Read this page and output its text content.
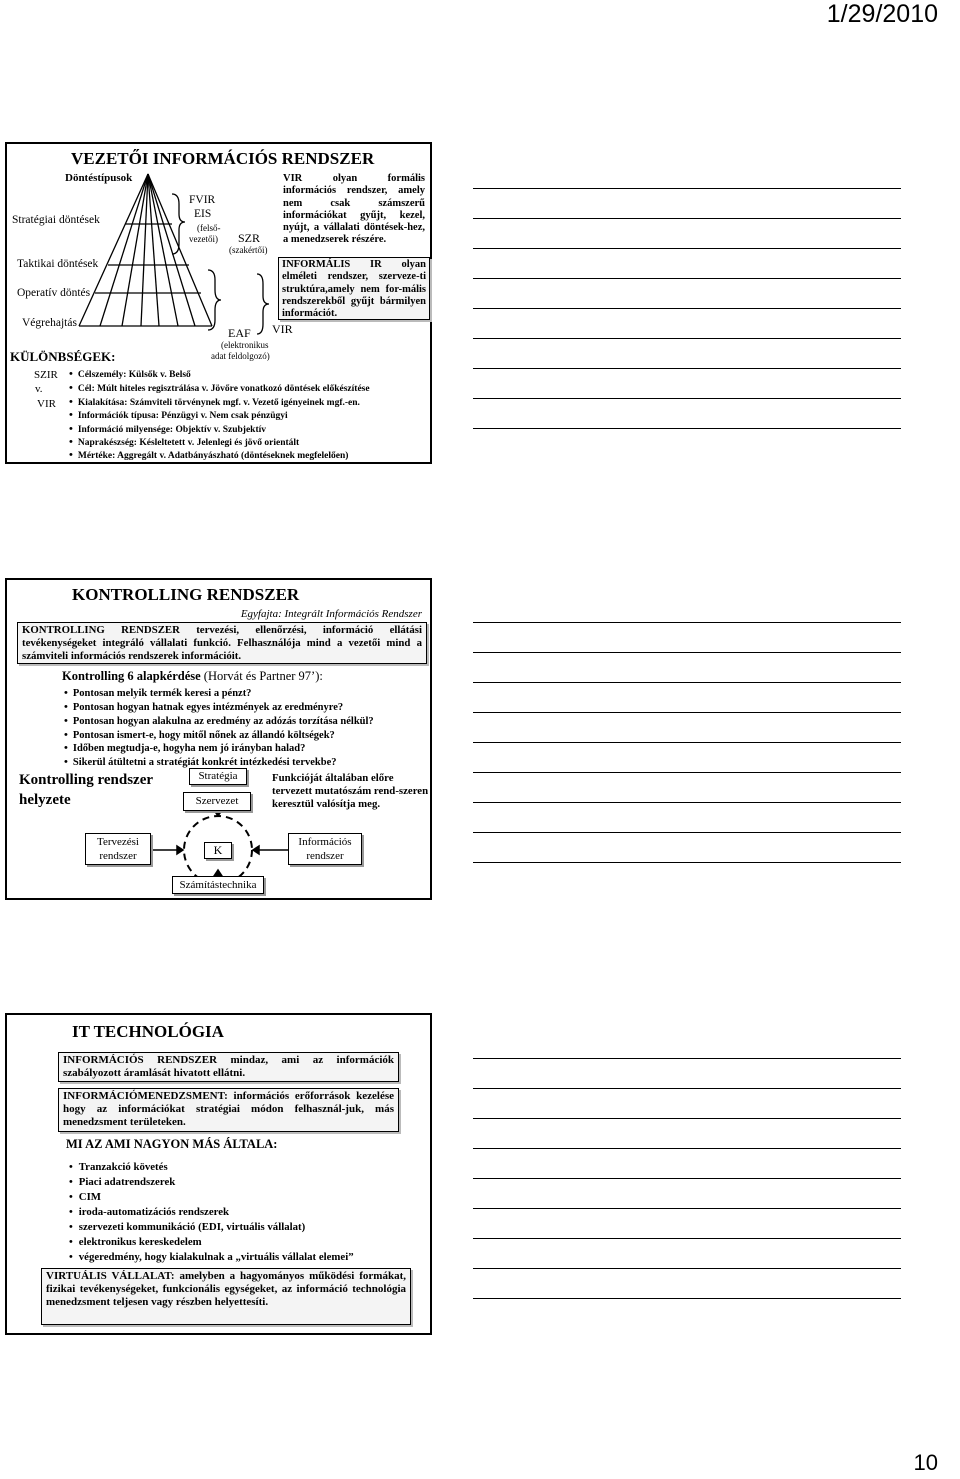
1/29/2010
10
VEZETŐI INFORMÁCIÓS RENDSZER
Döntéstípusok
Stratégiai döntések
Taktikai döntések
Operatív döntés
Végrehajtás
FVIR
EIS
(felső-
vezetői) SZR
(szakértői)
EAF
(elektronikus
adat feldolgozó)
VIR
VIR olyan formális információs rendszer, amely nem csak számszerű információkat gyűjt, kezel, nyújt, a vállalati döntések-hez, a menedzserek részére.
INFORMÁLIS IR olyan elméleti rendszer, szerveze-ti struktúra,amely nem for-mális rendszerekből gyűjt bármilyen információt.
KÜLÖNBSÉGEK:
SZIR
v.
VIR
• Célszemély: Külsők v. Belső
• Cél: Múlt hiteles regisztrálása v. Jövőre vonatkozó döntések előkészítése
• Kialakítása: Számviteli törvénynek mgf. v. Vezető igényeinek mgf.-en.
• Információk típusa: Pénzügyi v. Nem csak pénzügyi
• Információ milyensége: Objektív v. Szubjektív
• Naprakészség: Késleltetett v. Jelenlegi és jövő orientált
• Mértéke: Aggregált v. Adatbányászható (döntéseknek megfelelően)
KONTROLLING RENDSZER
Egyfajta: Integrált Információs Rendszer
KONTROLLING RENDSZER tervezési, ellenőrzési, információ ellátási tevékenységeket integráló vállalati funkció. Felhasználója mind a vezetői mind a számviteli információs rendszerek információit.
Kontrolling 6 alapkérdése (Horvát és Partner 97’):
• Pontosan melyik termék keresi a pénzt?
• Pontosan hogyan hatnak egyes intézmények az eredményre?
• Pontosan hogyan alakulna az eredmény az adózás torzítása nélkül?
• Pontosan ismert-e, hogy mitől nőnek az állandó költségek?
• Időben megtudja-e, hogyha nem jó irányban halad?
• Sikerül átültetni a stratégiát konkrét intézkedési tervekbe?
Kontrolling rendszer
helyzete
Stratégia
Szervezet
Tervezési
rendszer	K
Információs
rendszer
Számítástechnika
Funkcióját általában előre tervezett mutatószám rend-szeren keresztül valósítja meg.
IT TECHNOLÓGIA
INFORMÁCIÓS RENDSZER mindaz, ami az információk szabályozott áramlását hivatott ellátni.
INFORMÁCIÓMENEDZSMENT: információs erőforrások kezelése hogy az információkat stratégiai módon felhasznál-juk, más menedzsment területeken.
MI AZ AMI NAGYON MÁS ÁLTALA:
• Tranzakció követés
• Piaci adatrendszerek
• CIM
• iroda-automatizációs rendszerek
• szervezeti kommunikáció (EDI, virtuális vállalat)
• elektronikus kereskedelem
• végeredmény, hogy kialakulnak a „virtuális vállalat elemei”
VIRTUÁLIS VÁLLALAT: amelyben a hagyományos működési formákat, fizikai tevékenységeket, funkcionális egységeket, az információ technológia menedzsment teljesen vagy részben helyettesíti.
